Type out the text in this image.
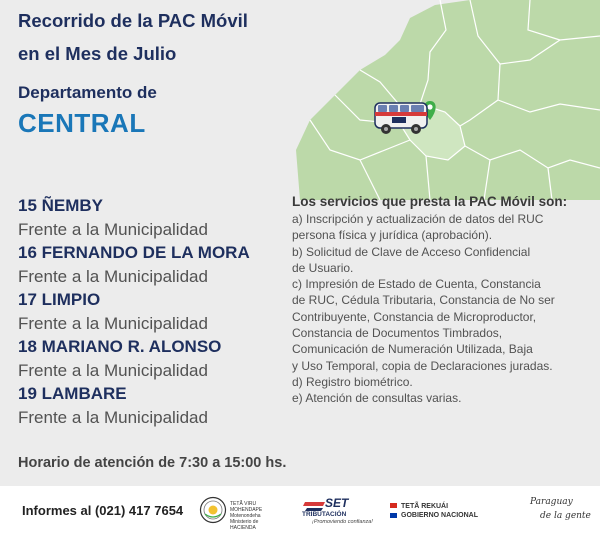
Recorrido de la PAC Móvil
en el Mes de Julio
Departamento de
CENTRAL
15 ÑEMBY
Frente a la Municipalidad
16 FERNANDO DE LA MORA
Frente a la Municipalidad
17 LIMPIO
Frente a la Municipalidad
18 MARIANO R. ALONSO
Frente a la Municipalidad
19 LAMBARE
Frente a la Municipalidad
Los servicios que presta la PAC Móvil son:
a) Inscripción y actualización de datos del RUC
persona física y jurídica (aprobación).
b) Solicitud de Clave de Acceso Confidencial
de Usuario.
c) Impresión de Estado de Cuenta, Constancia
de RUC, Cédula Tributaria, Constancia de No ser
Contribuyente, Constancia de Microproductor,
Constancia de Documentos Timbrados,
Comunicación de Numeración Utilizada, Baja
y Uso Temporal, copia de Declaraciones juradas.
d) Registro biométrico.
e) Atención de consultas varias.
Horario de atención de 7:30 a 15:00 hs.
Informes al (021) 417 7654	TETÃ VIRU
MOHENDAPE
Motenondeha
Ministerio de
HACIENDA
SET
TRIBUTACIÓN
¡Promoviendo confianza!
TETÃ REKUÁI
GOBIERNO NACIONAL
Paraguay
de la gente
